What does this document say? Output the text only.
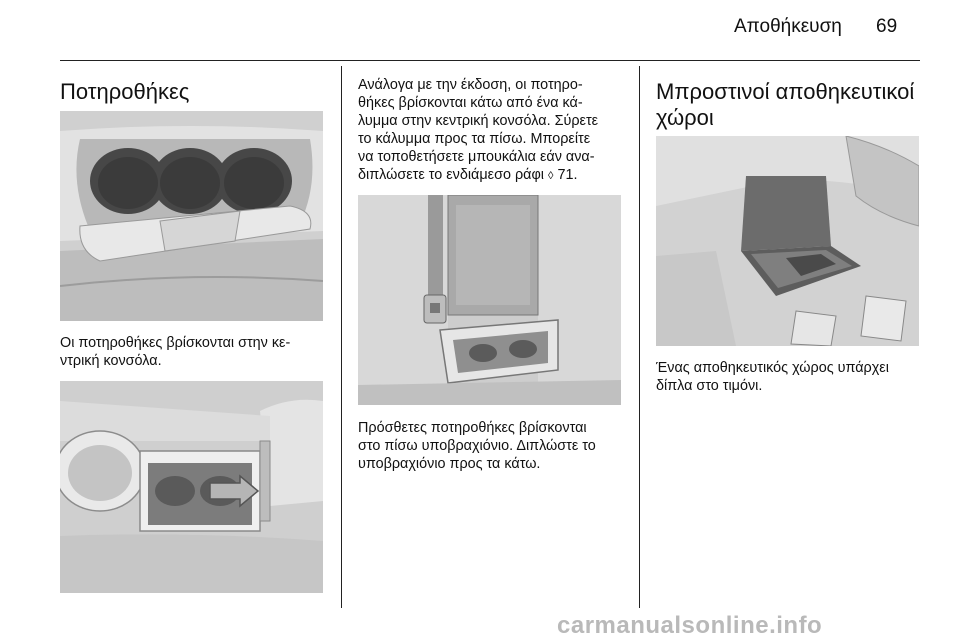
Αποθήκευση 69
Ποτηροθήκες
Οι ποτηροθήκες βρίσκονται στην κε-
ντρική κονσόλα.
Ανάλογα με την έκδοση, οι ποτηρο-
θήκες βρίσκονται κάτω από ένα κά-
λυμμα στην κεντρική κονσόλα. Σύρετε
το κάλυμμα προς τα πίσω. Μπορείτε
να τοποθετήσετε μπουκάλια εάν ανα-
διπλώσετε το ενδιάμεσο ράφι ◊ 71.
Πρόσθετες ποτηροθήκες βρίσκονται
στο πίσω υποβραχιόνιο. Διπλώστε το
υποβραχιόνιο προς τα κάτω.
Μπροστινοί αποθηκευτικοί
χώροι
Ένας αποθηκευτικός χώρος υπάρχει
δίπλα στο τιμόνι.
carmanualsonline.info
